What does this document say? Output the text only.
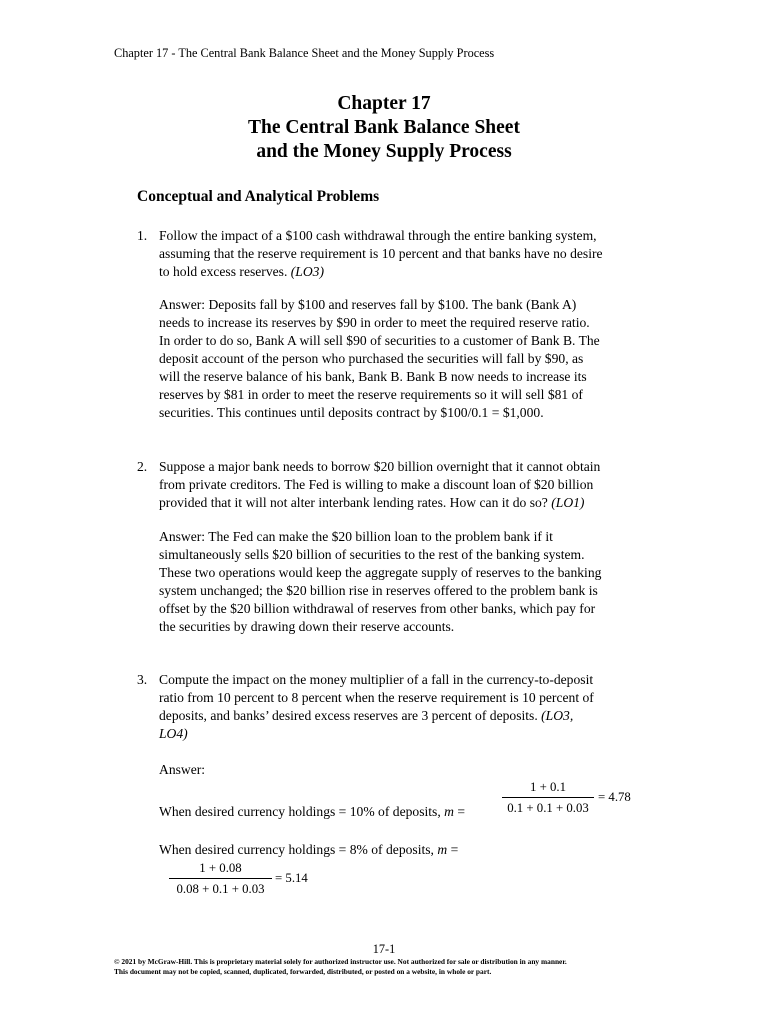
Chapter 17 - The Central Bank Balance Sheet and the Money Supply Process
Chapter 17
The Central Bank Balance Sheet
and the Money Supply Process
Conceptual and Analytical Problems
1. Follow the impact of a $100 cash withdrawal through the entire banking system,
assuming that the reserve requirement is 10 percent and that banks have no desire
to hold excess reserves. (LO3)
Answer: Deposits fall by $100 and reserves fall by $100. The bank (Bank A)
needs to increase its reserves by $90 in order to meet the required reserve ratio.
In order to do so, Bank A will sell $90 of securities to a customer of Bank B. The
deposit account of the person who purchased the securities will fall by $90, as
will the reserve balance of his bank, Bank B. Bank B now needs to increase its
reserves by $81 in order to meet the reserve requirements so it will sell $81 of
securities. This continues until deposits contract by $100/0.1 = $1,000.
2. Suppose a major bank needs to borrow $20 billion overnight that it cannot obtain
from private creditors. The Fed is willing to make a discount loan of $20 billion
provided that it will not alter interbank lending rates. How can it do so? (LO1)
Answer: The Fed can make the $20 billion loan to the problem bank if it
simultaneously sells $20 billion of securities to the rest of the banking system.
These two operations would keep the aggregate supply of reserves to the banking
system unchanged; the $20 billion rise in reserves offered to the problem bank is
offset by the $20 billion withdrawal of reserves from other banks, which pay for
the securities by drawing down their reserve accounts.
3. Compute the impact on the money multiplier of a fall in the currency-to-deposit
ratio from 10 percent to 8 percent when the reserve requirement is 10 percent of
deposits, and banks’ desired excess reserves are 3 percent of deposits. (LO3,
LO4)
Answer:
1 + 0.1
0.1 + 0.1 + 0.03
= 4.78
When desired currency holdings = 10% of deposits, m =
When desired currency holdings = 8% of deposits, m =
1 + 0.08
0.08 + 0.1 + 0.03
= 5.14
17-1
© 2021 by McGraw-Hill. This is proprietary material solely for authorized instructor use. Not authorized for sale or distribution in any manner.
This document may not be copied, scanned, duplicated, forwarded, distributed, or posted on a website, in whole or part.
